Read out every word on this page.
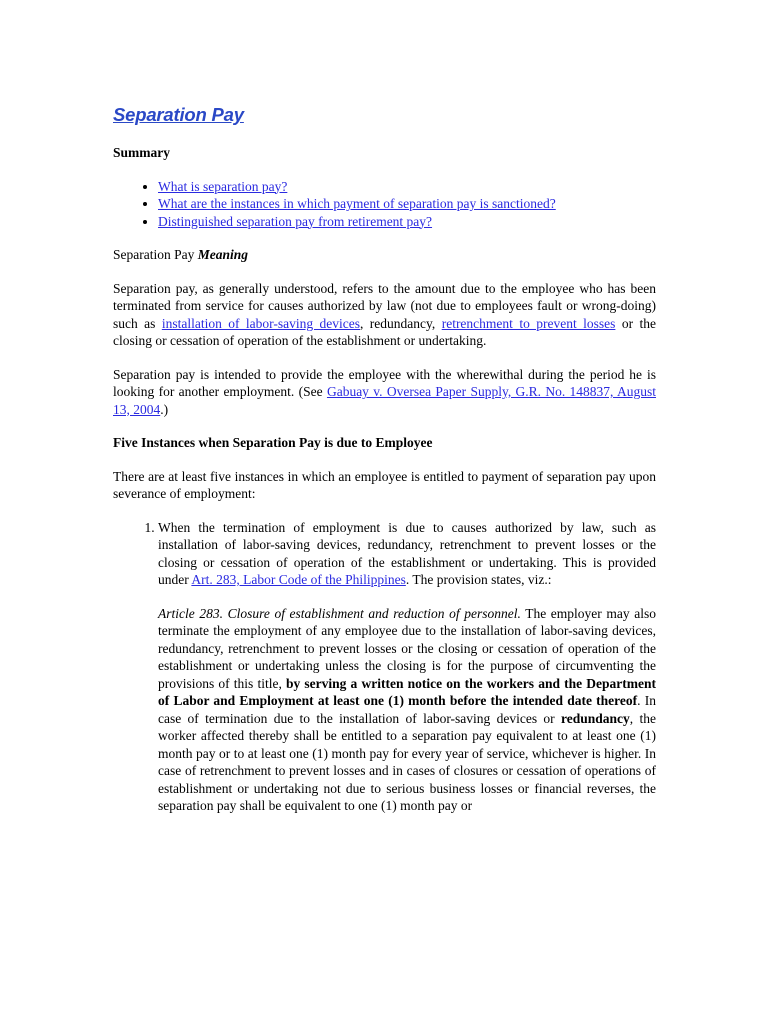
Separation Pay

Summary

• What is separation pay?
• What are the instances in which payment of separation pay is sanctioned?
• Distinguished separation pay from retirement pay?

Separation Pay Meaning

Separation pay, as generally understood, refers to the amount due to the employee who has been terminated from service for causes authorized by law (not due to employees fault or wrong-doing) such as installation of labor-saving devices, redundancy, retrenchment to prevent losses or the closing or cessation of operation of the establishment or undertaking.

Separation pay is intended to provide the employee with the wherewithal during the period he is looking for another employment. (See Gabuay v. Oversea Paper Supply, G.R. No. 148837, August 13, 2004.)

Five Instances when Separation Pay is due to Employee

There are at least five instances in which an employee is entitled to payment of separation pay upon severance of employment:

1. When the termination of employment is due to causes authorized by law, such as installation of labor-saving devices, redundancy, retrenchment to prevent losses or the closing or cessation of operation of the establishment or undertaking. This is provided under Art. 283, Labor Code of the Philippines. The provision states, viz.:

Article 283. Closure of establishment and reduction of personnel. The employer may also terminate the employment of any employee due to the installation of labor-saving devices, redundancy, retrenchment to prevent losses or the closing or cessation of operation of the establishment or undertaking unless the closing is for the purpose of circumventing the provisions of this title, by serving a written notice on the workers and the Department of Labor and Employment at least one (1) month before the intended date thereof. In case of termination due to the installation of labor-saving devices or redundancy, the worker affected thereby shall be entitled to a separation pay equivalent to at least one (1) month pay or to at least one (1) month pay for every year of service, whichever is higher. In case of retrenchment to prevent losses and in cases of closures or cessation of operations of establishment or undertaking not due to serious business losses or financial reverses, the separation pay shall be equivalent to one (1) month pay or
